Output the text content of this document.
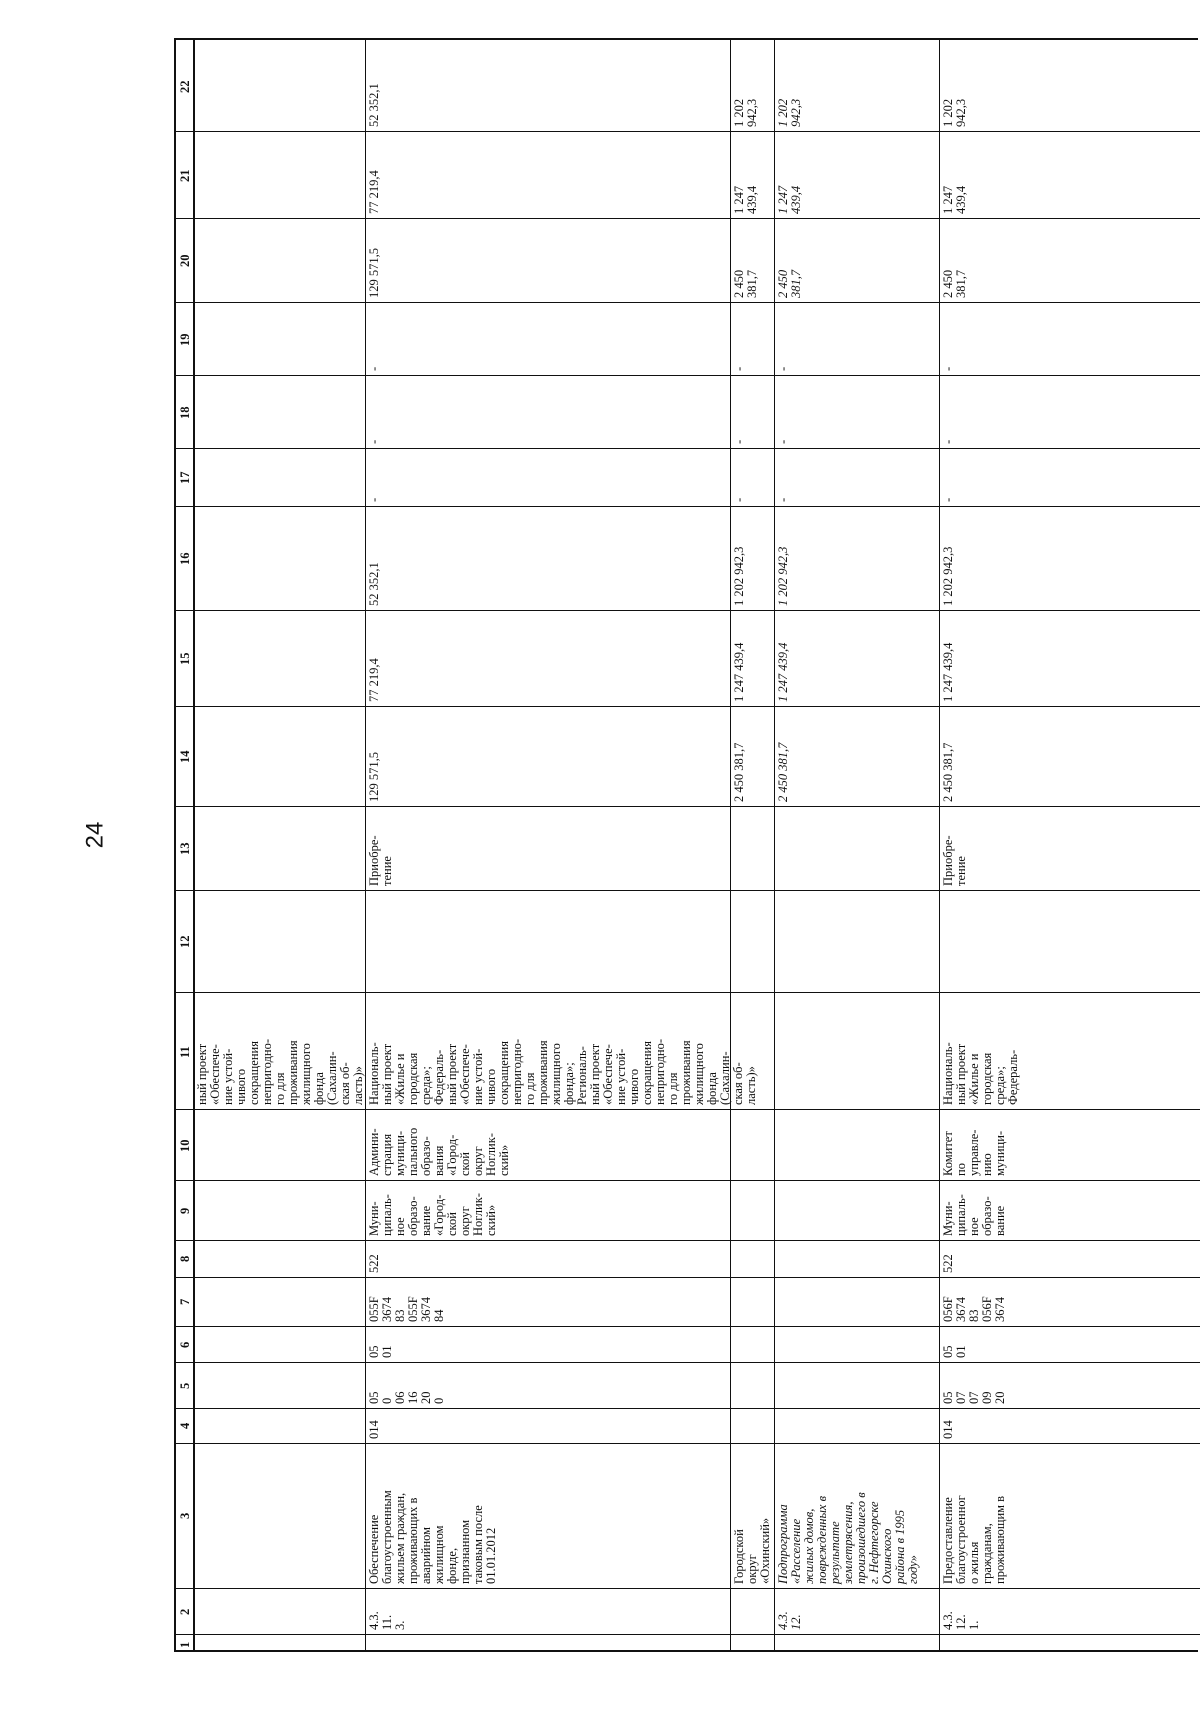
24
1
2
3
4
5
6
7
8
9
10
11
12
13
14
15
16
17
18
19
20
21
22
ный проект
«Обеспече-
ние устой-
чивого
сокращения
непригодно-
го для
проживания
жилищного
фонда
(Сахалин-
ская об-
ласть)»
4.3.
11.
3.
Обеспечение
благоустроенным
жильем граждан,
проживающих в
аварийном
жилищном
фонде,
признанном
таковым после
01.01.2012
014
05
0
06
16
20
0
05
01
055F
3674
83
055F
3674
84
522
Муни-
ципаль-
ное
образо-
вание
«Город-
ской
округ
Ноглик-
ский»
Админи-
страция
муници-
пального
образо-
вания
«Город-
ской
округ
Ноглик-
ский»
Националь-
ный проект
«Жилье и
городская
среда»;
Федераль-
ный проект
«Обеспече-
ние устой-
чивого
сокращения
непригодно-
го для
проживания
жилищного
фонда»;
Региональ-
ный проект
«Обеспече-
ние устой-
чивого
сокращения
непригодно-
го для
проживания
жилищного
фонда
(Сахалин-
ская об-
ласть)»
Приобре-
тение
129 571,5
77 219,4
52 352,1
-
-
-
129 571,5
77 219,4
52 352,1
Городской
округ
«Охинский»
2 450 381,7
1 247 439,4
1 202 942,3
-
-
-
2 450
381,7
1 247
439,4
1 202
942,3
4.3.
12.
Подпрограмма
«Расселение
жилых домов,
поврежденных в
результате
землетрясения,
произошедшего в
г. Нефтегорске
Охинского
района в 1995
году»
2 450 381,7
1 247 439,4
1 202 942,3
-
-
-
2 450
381,7
1 247
439,4
1 202
942,3
4.3.
12.
1.
Предоставление
благоустроенног
о жилья
гражданам,
проживающим в
014
05
07
07
09
20
05
01
056F
3674
83
056F
3674
522
Муни-
ципаль-
ное
образо-
вание
Комитет
по
управле-
нию
муници-
Националь-
ный проект
«Жилье и
городская
среда»;
Федераль-
Приобре-
тение
2 450 381,7
1 247 439,4
1 202 942,3
-
-
-
2 450
381,7
1 247
439,4
1 202
942,3
